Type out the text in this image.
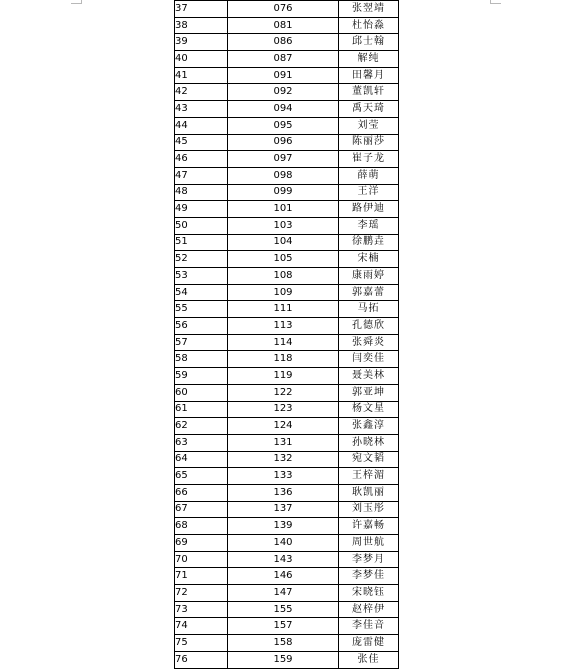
37	076	张翌靖
38	081	杜怡淼
39	086	邱士翰
40	087	解纯
41	091	田馨月
42	092	董凯轩
43	094	禹天琦
44	095	刘莹
45	096	陈丽莎
46	097	崔子龙
47	098	薛萌
48	099	王洋
49	101	路伊迪
50	103	李瑶
51	104	徐鹏垚
52	105	宋楠
53	108	康雨婷
54	109	郭嘉蕾
55	111	马拓
56	113	孔德欣
57	114	张舜炎
58	118	闫奕佳
59	119	聂美林
60	122	郭亚坤
61	123	杨文星
62	124	张鑫淳
63	131	孙晓林
64	132	宛文韬
65	133	王梓湄
66	136	耿凯丽
67	137	刘玉彤
68	139	许嘉畅
69	140	周世航
70	143	李梦月
71	146	李梦佳
72	147	宋晓钰
73	155	赵梓伊
74	157	李佳音
75	158	庞雷健
76	159	张佳
